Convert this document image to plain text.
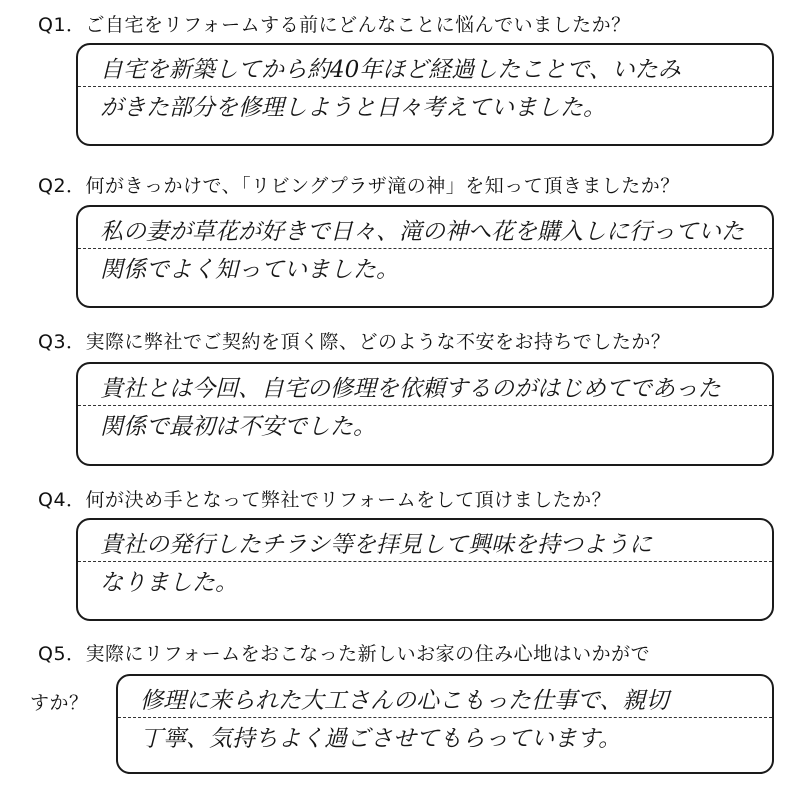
Q1．ご自宅をリフォームする前にどんなことに悩んでいましたか？
自宅を新築してから約40年ほど経過したことで、いたみ
がきた部分を修理しようと日々考えていました。
Q2．何がきっかけで、「リビングプラザ滝の神」を知って頂きましたか？
私の妻が草花が好きで日々、滝の神へ花を購入しに行っていた
関係でよく知っていました。
Q3．実際に弊社でご契約を頂く際、どのような不安をお持ちでしたか？
貴社とは今回、自宅の修理を依頼するのがはじめてであった
関係で最初は不安でした。
Q4．何が決め手となって弊社でリフォームをして頂けましたか？
貴社の発行したチラシ等を拝見して興味を持つように
なりました。
Q5．実際にリフォームをおこなった新しいお家の住み心地はいかがで
すか？	修理に来られた大工さんの心こもった仕事で、親切
丁寧、気持ちよく過ごさせてもらっています。
